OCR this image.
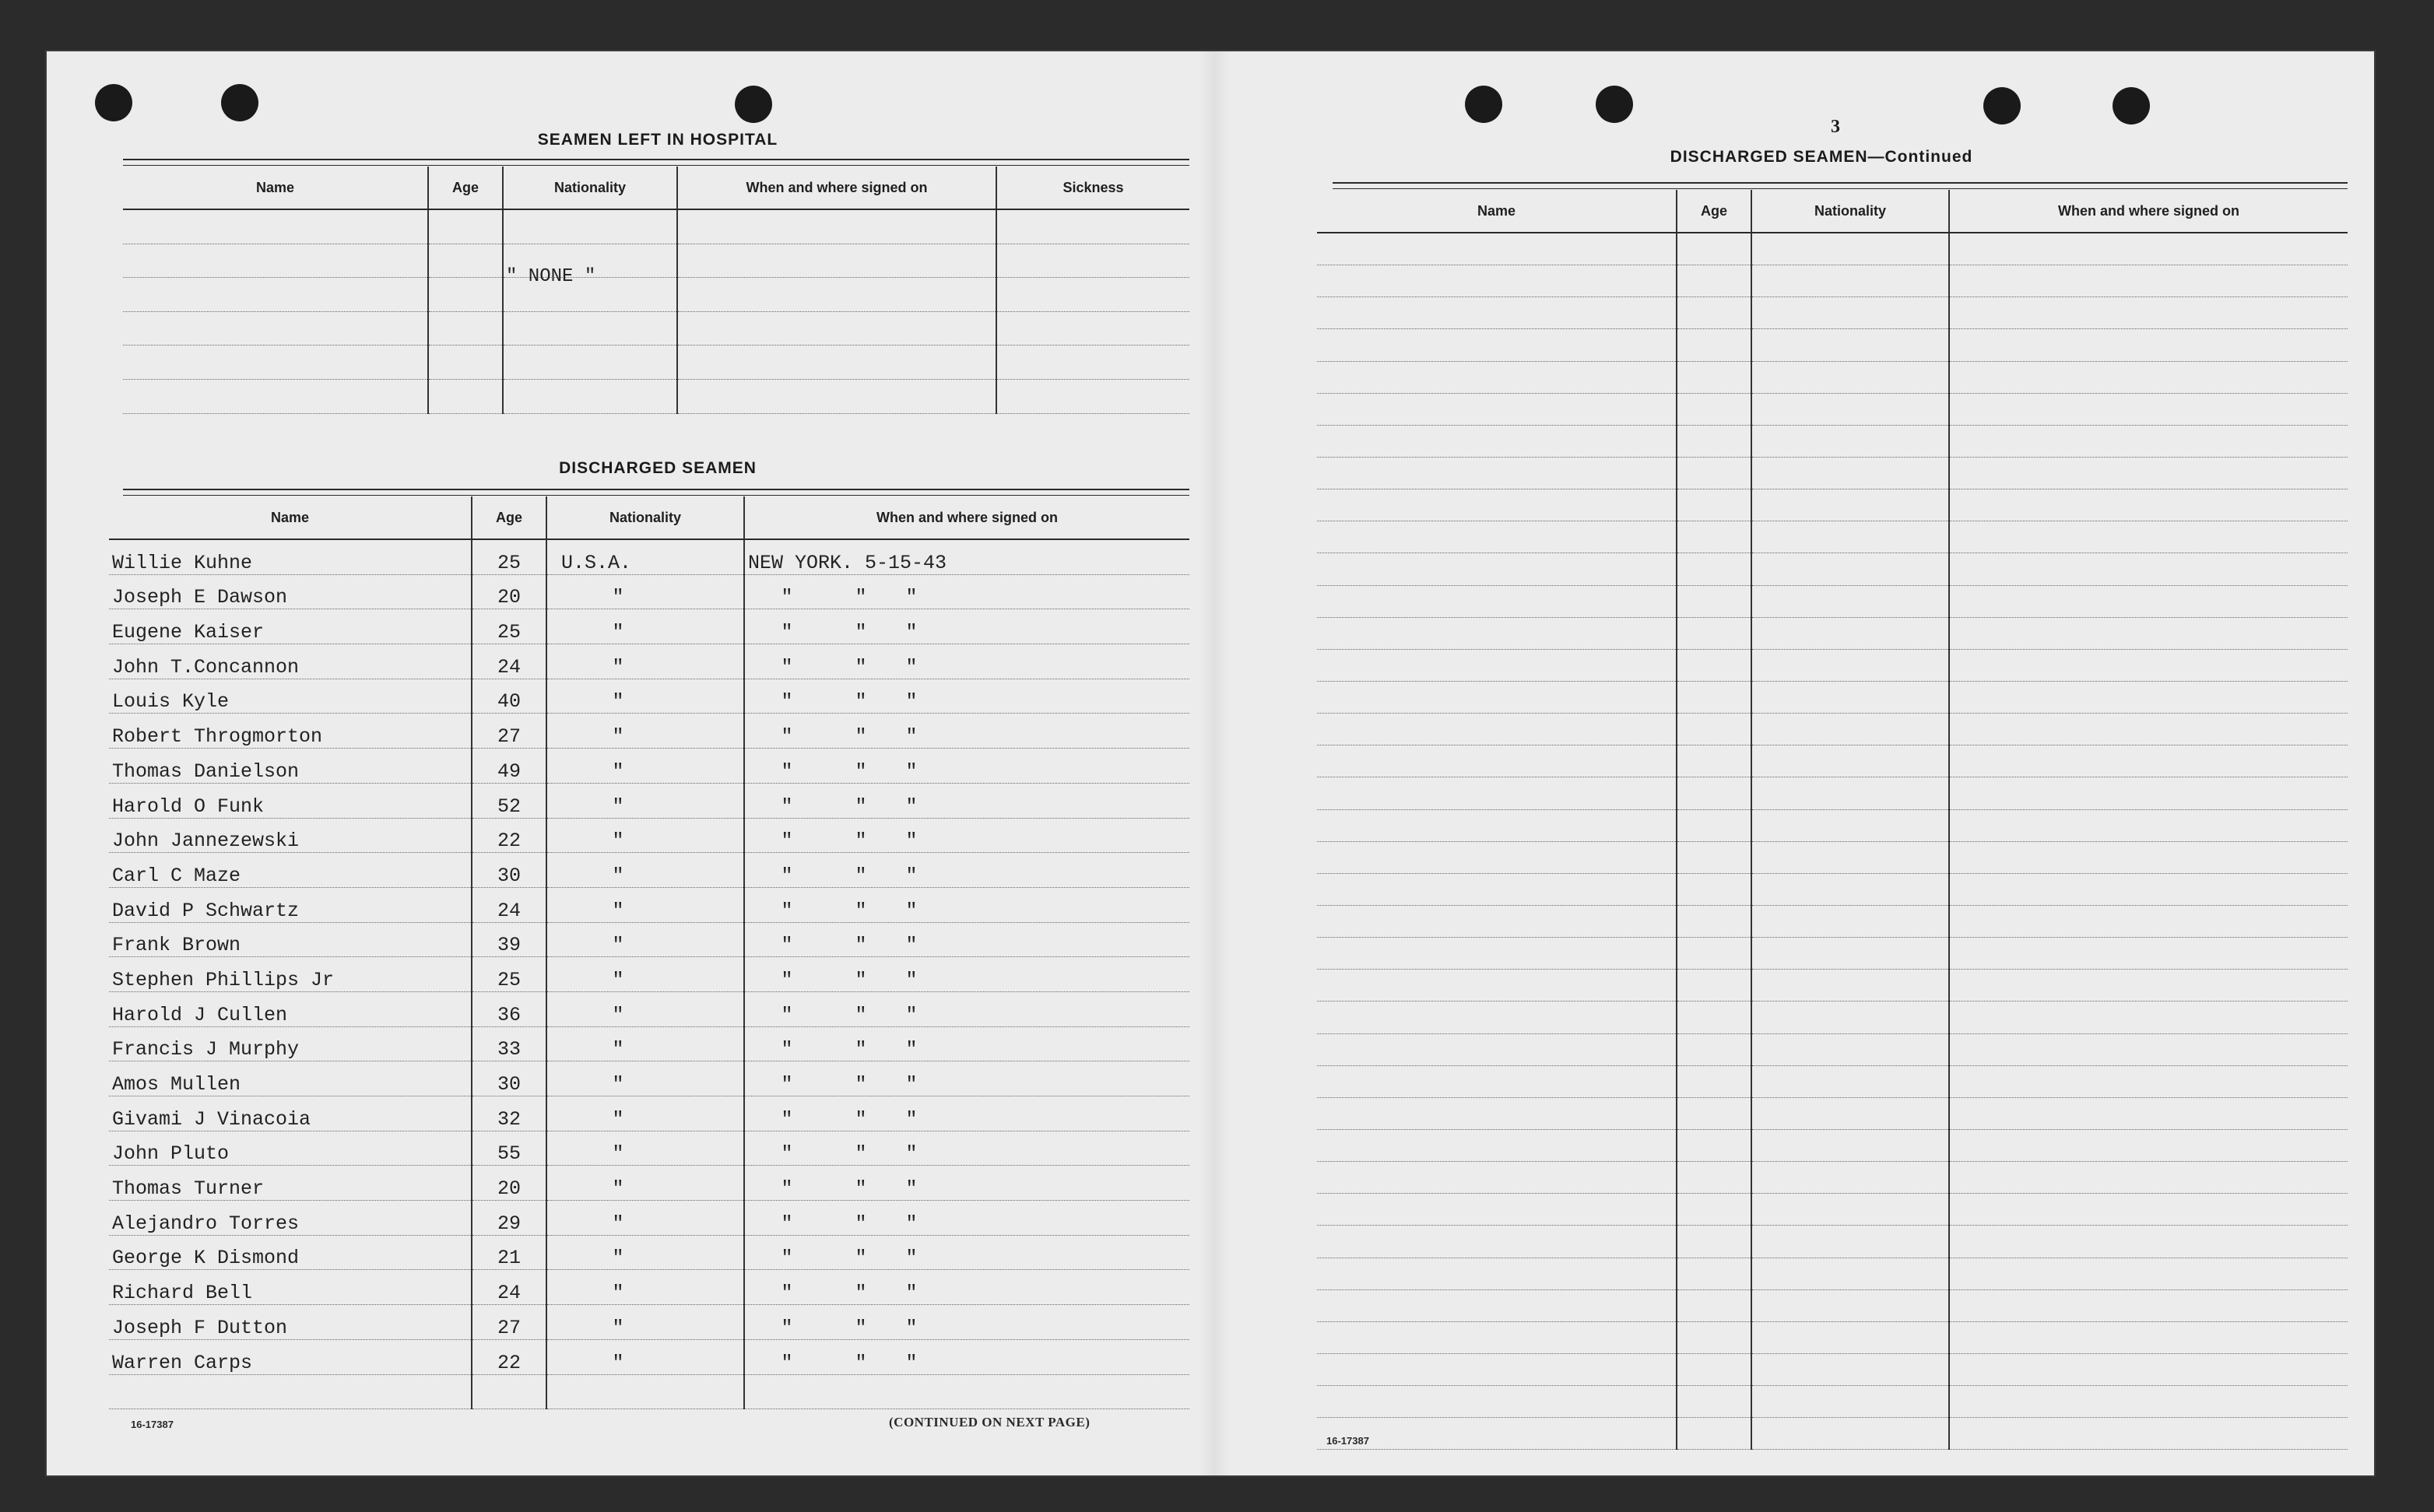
SEAMEN LEFT IN HOSPITAL
Name	Age	Nationality	When and where signed on	Sickness

" NONE "
DISCHARGED SEAMEN
Name	Age	Nationality	When and where signed on
Willie Kuhne	25	U.S.A.	NEW YORK. 5-15-43
Joseph E Dawson	20	"	" " "
Eugene Kaiser	25	"	" " "
John T.Concannon	24	"	" " "
Louis Kyle	40	"	" " "
Robert Throgmorton	27	"	" " "
Thomas Danielson	49	"	" " "
Harold O Funk	52	"	" " "
John Jannezewski	22	"	" " "
Carl C Maze	30	"	" " "
David P Schwartz	24	"	" " "
Frank Brown	39	"	" " "
Stephen Phillips Jr	25	"	" " "
Harold J Cullen	36	"	" " "
Francis J Murphy	33	"	" " "
Amos Mullen	30	"	" " "
Givami J Vinacoia	32	"	" " "
John Pluto	55	"	" " "
Thomas Turner	20	"	" " "
Alejandro Torres	29	"	" " "
George K Dismond	21	"	" " "
Richard Bell	24	"	" " "
Joseph F Dutton	27	"	" " "
Warren Carps	22	"	" " "

16-17387	(CONTINUED ON NEXT PAGE)
3
DISCHARGED SEAMEN—Continued
Name	Age	Nationality	When and where signed on

16-17387
